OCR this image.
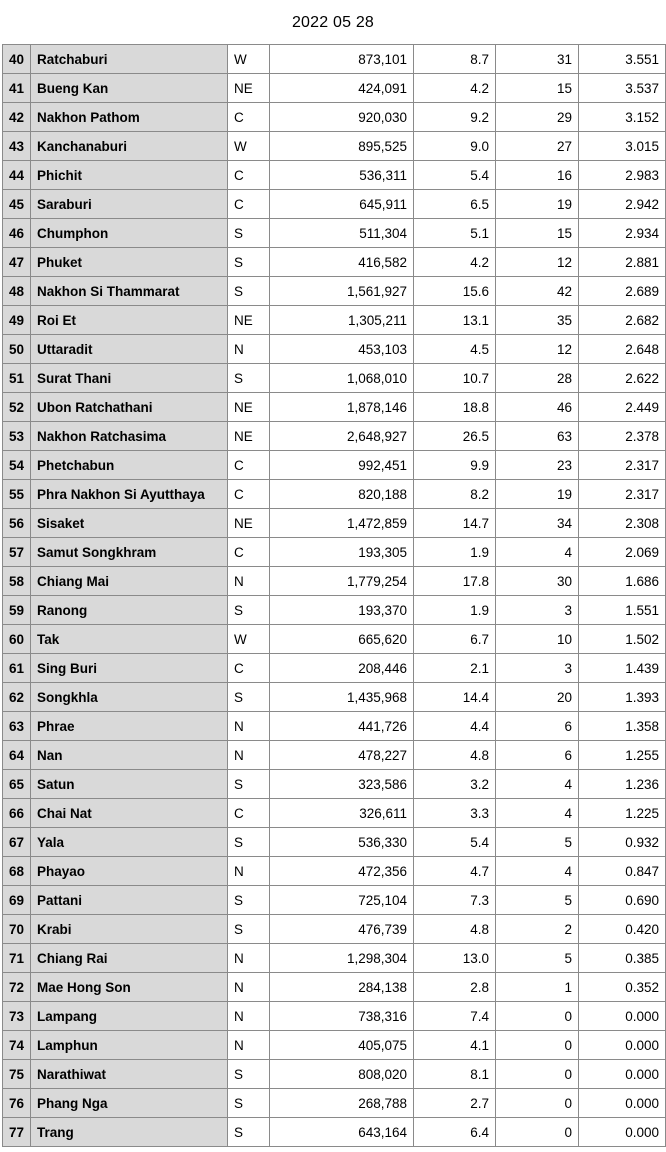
2022 05 28
40	Ratchaburi	W	873,101	8.7	31	3.551
41	Bueng Kan	NE	424,091	4.2	15	3.537
42	Nakhon Pathom	C	920,030	9.2	29	3.152
43	Kanchanaburi	W	895,525	9.0	27	3.015
44	Phichit	C	536,311	5.4	16	2.983
45	Saraburi	C	645,911	6.5	19	2.942
46	Chumphon	S	511,304	5.1	15	2.934
47	Phuket	S	416,582	4.2	12	2.881
48	Nakhon Si Thammarat	S	1,561,927	15.6	42	2.689
49	Roi Et	NE	1,305,211	13.1	35	2.682
50	Uttaradit	N	453,103	4.5	12	2.648
51	Surat Thani	S	1,068,010	10.7	28	2.622
52	Ubon Ratchathani	NE	1,878,146	18.8	46	2.449
53	Nakhon Ratchasima	NE	2,648,927	26.5	63	2.378
54	Phetchabun	C	992,451	9.9	23	2.317
55	Phra Nakhon Si Ayutthaya	C	820,188	8.2	19	2.317
56	Sisaket	NE	1,472,859	14.7	34	2.308
57	Samut Songkhram	C	193,305	1.9	4	2.069
58	Chiang Mai	N	1,779,254	17.8	30	1.686
59	Ranong	S	193,370	1.9	3	1.551
60	Tak	W	665,620	6.7	10	1.502
61	Sing Buri	C	208,446	2.1	3	1.439
62	Songkhla	S	1,435,968	14.4	20	1.393
63	Phrae	N	441,726	4.4	6	1.358
64	Nan	N	478,227	4.8	6	1.255
65	Satun	S	323,586	3.2	4	1.236
66	Chai Nat	C	326,611	3.3	4	1.225
67	Yala	S	536,330	5.4	5	0.932
68	Phayao	N	472,356	4.7	4	0.847
69	Pattani	S	725,104	7.3	5	0.690
70	Krabi	S	476,739	4.8	2	0.420
71	Chiang Rai	N	1,298,304	13.0	5	0.385
72	Mae Hong Son	N	284,138	2.8	1	0.352
73	Lampang	N	738,316	7.4	0	0.000
74	Lamphun	N	405,075	4.1	0	0.000
75	Narathiwat	S	808,020	8.1	0	0.000
76	Phang Nga	S	268,788	2.7	0	0.000
77	Trang	S	643,164	6.4	0	0.000
